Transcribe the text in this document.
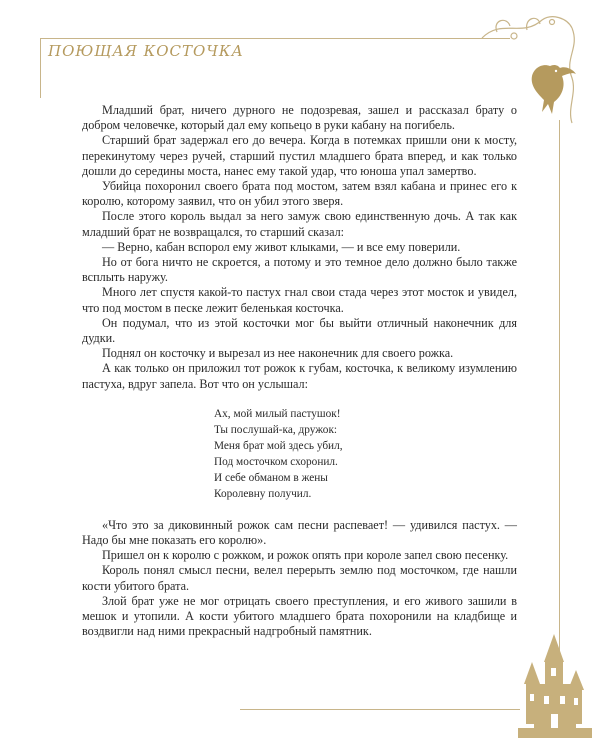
ПОЮЩАЯ КОСТОЧКА

Младший брат, ничего дурного не подозревая, зашел и рассказал брату о добром человечке, который дал ему копьецо в руки кабану на погибель.

Старший брат задержал его до вечера. Когда в потемках пришли они к мосту, перекинутому через ручей, старший пустил младшего брата вперед, и как только дошли до середины моста, нанес ему такой удар, что юноша упал замертво.

Убийца похоронил своего брата под мостом, затем взял кабана и принес его к королю, которому заявил, что он убил этого зверя.

После этого король выдал за него замуж свою единственную дочь. А так как младший брат не возвращался, то старший сказал:

— Верно, кабан вспорол ему живот клыками, — и все ему поверили.

Но от бога ничто не скроется, а потому и это темное дело должно было также всплыть наружу.

Много лет спустя какой-то пастух гнал свои стада через этот мосток и увидел, что под мостом в песке лежит беленькая косточка.

Он подумал, что из этой косточки мог бы выйти отличный наконечник для дудки.

Поднял он косточку и вырезал из нее наконечник для своего рожка.

А как только он приложил тот рожок к губам, косточка, к великому изумлению пастуха, вдруг запела. Вот что он услышал:

Ах, мой милый пастушок!
Ты послушай-ка, дружок:
Меня брат мой здесь убил,
Под мосточком схоронил.
И себе обманом в жены
Королевну получил.

«Что это за диковинный рожок сам песни распевает! — удивился пастух. — Надо бы мне показать его королю».

Пришел он к королю с рожком, и рожок опять при короле запел свою песенку.

Король понял смысл песни, велел перерыть землю под мосточком, где нашли кости убитого брата.

Злой брат уже не мог отрицать своего преступления, и его живого зашили в мешок и утопили. А кости убитого младшего брата похоронили на кладбище и воздвигли над ними прекрасный надгробный памятник.
